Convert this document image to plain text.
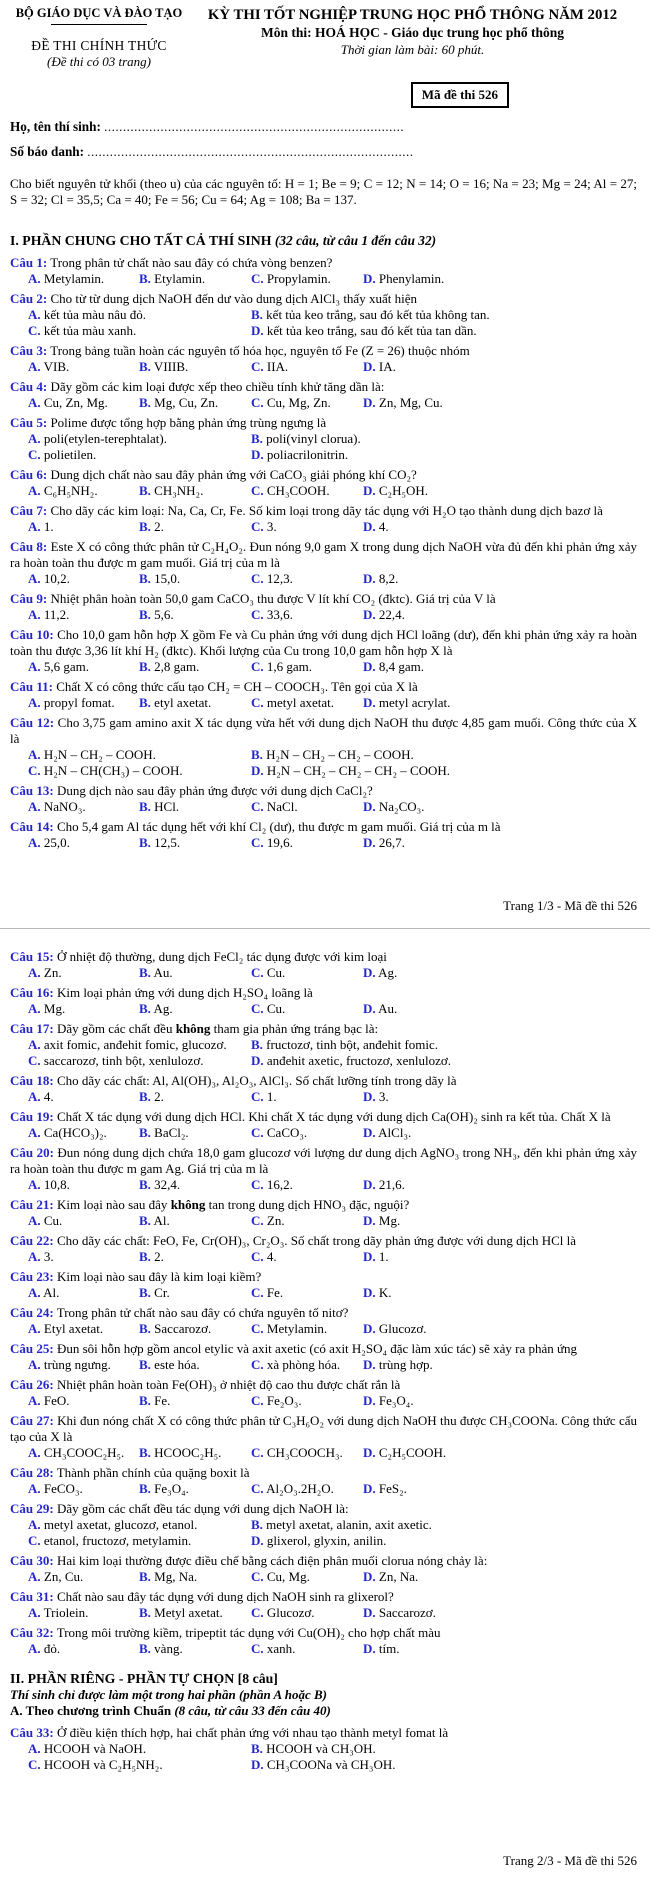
BỘ GIÁO DỤC VÀ ĐÀO TẠO
ĐỀ THI CHÍNH THỨC
(Đề thi có 03 trang)
KỲ THI TỐT NGHIỆP TRUNG HỌC PHỔ THÔNG NĂM 2012
Môn thi: HOÁ HỌC - Giáo dục trung học phổ thông
Thời gian làm bài: 60 phút.
Mã đề thi 526
Họ, tên thí sinh: ................................................................................
Số báo danh: .......................................................................................

Cho biết nguyên tử khối (theo u) của các nguyên tố: H = 1; Be = 9; C = 12; N = 14; O = 16; Na = 23; Mg = 24; Al = 27; S = 32; Cl = 35,5; Ca = 40; Fe = 56; Cu = 64; Ag = 108; Ba = 137.

I. PHẦN CHUNG CHO TẤT CẢ THÍ SINH (32 câu, từ câu 1 đến câu 32)

Câu 1: Trong phân tử chất nào sau đây có chứa vòng benzen?

A. Metylamin.	B. Etylamin.	C. Propylamin.	D. Phenylamin.

Câu 2: Cho từ từ dung dịch NaOH đến dư vào dung dịch AlCl₃ thấy xuất hiện

A. kết tủa màu nâu đỏ.	B. kết tủa keo trắng, sau đó kết tủa không tan.
C. kết tủa màu xanh.	D. kết tủa keo trắng, sau đó kết tủa tan dần.

Câu 3: Trong bảng tuần hoàn các nguyên tố hóa học, nguyên tố Fe (Z = 26) thuộc nhóm

A. VIB.	B. VIIIB.	C. IIA.	D. IA.

Câu 4: Dãy gồm các kim loại được xếp theo chiều tính khử tăng dần là:

A. Cu, Zn, Mg.	B. Mg, Cu, Zn.	C. Cu, Mg, Zn.	D. Zn, Mg, Cu.

Câu 5: Polime được tổng hợp bằng phản ứng trùng ngưng là

A. poli(etylen-terephtalat).	B. poli(vinyl clorua).
C. polietilen.	D. poliacrilonitrin.

Câu 6: Dung dịch chất nào sau đây phản ứng với CaCO₃ giải phóng khí CO₂?

A. C₆H₅NH₂.	B. CH₃NH₂.	C. CH₃COOH.	D. C₂H₅OH.

Câu 7: Cho dãy các kim loại: Na, Ca, Cr, Fe. Số kim loại trong dãy tác dụng với H₂O tạo thành dung dịch bazơ là

A. 1.	B. 2.	C. 3.	D. 4.

Câu 8: Este X có công thức phân tử C₂H₄O₂. Đun nóng 9,0 gam X trong dung dịch NaOH vừa đủ đến khi phản ứng xảy ra hoàn toàn thu được m gam muối. Giá trị của m là

A. 10,2.	B. 15,0.	C. 12,3.	D. 8,2.

Câu 9: Nhiệt phân hoàn toàn 50,0 gam CaCO₃ thu được V lít khí CO₂ (đktc). Giá trị của V là

A. 11,2.	B. 5,6.	C. 33,6.	D. 22,4.

Câu 10: Cho 10,0 gam hỗn hợp X gồm Fe và Cu phản ứng với dung dịch HCl loãng (dư), đến khi phản ứng xảy ra hoàn toàn thu được 3,36 lít khí H₂ (đktc). Khối lượng của Cu trong 10,0 gam hỗn hợp X là

A. 5,6 gam.	B. 2,8 gam.	C. 1,6 gam.	D. 8,4 gam.

Câu 11: Chất X có công thức cấu tạo CH₂ = CH – COOCH₃. Tên gọi của X là

A. propyl fomat.	B. etyl axetat.	C. metyl axetat.	D. metyl acrylat.

Câu 12: Cho 3,75 gam amino axit X tác dụng vừa hết với dung dịch NaOH thu được 4,85 gam muối. Công thức của X là

A. H₂N – CH₂ – COOH.	B. H₂N – CH₂ – CH₂ – COOH.
C. H₂N – CH(CH₃) – COOH.	D. H₂N – CH₂ – CH₂ – CH₂ – COOH.

Câu 13: Dung dịch nào sau đây phản ứng được với dung dịch CaCl₂?

A. NaNO₃.	B. HCl.	C. NaCl.	D. Na₂CO₃.

Câu 14: Cho 5,4 gam Al tác dụng hết với khí Cl₂ (dư), thu được m gam muối. Giá trị của m là

A. 25,0.	B. 12,5.	C. 19,6.	D. 26,7.
Trang 1/3 - Mã đề thi 526

Câu 15: Ở nhiệt độ thường, dung dịch FeCl₂ tác dụng được với kim loại

A. Zn.	B. Au.	C. Cu.	D. Ag.

Câu 16: Kim loại phản ứng với dung dịch H₂SO₄ loãng là

A. Mg.	B. Ag.	C. Cu.	D. Au.

Câu 17: Dãy gồm các chất đều không tham gia phản ứng tráng bạc là:

A. axit fomic, anđehit fomic, glucozơ.	B. fructozơ, tinh bột, anđehit fomic.
C. saccarozơ, tinh bột, xenlulozơ.	D. anđehit axetic, fructozơ, xenlulozơ.

Câu 18: Cho dãy các chất: Al, Al(OH)₃, Al₂O₃, AlCl₃. Số chất lưỡng tính trong dãy là

A. 4.	B. 2.	C. 1.	D. 3.

Câu 19: Chất X tác dụng với dung dịch HCl. Khi chất X tác dụng với dung dịch Ca(OH)₂ sinh ra kết tủa. Chất X là

A. Ca(HCO₃)₂.	B. BaCl₂.	C. CaCO₃.	D. AlCl₃.

Câu 20: Đun nóng dung dịch chứa 18,0 gam glucozơ với lượng dư dung dịch AgNO₃ trong NH₃, đến khi phản ứng xảy ra hoàn toàn thu được m gam Ag. Giá trị của m là

A. 10,8.	B. 32,4.	C. 16,2.	D. 21,6.

Câu 21: Kim loại nào sau đây không tan trong dung dịch HNO₃ đặc, nguội?

A. Cu.	B. Al.	C. Zn.	D. Mg.

Câu 22: Cho dãy các chất: FeO, Fe, Cr(OH)₃, Cr₂O₃. Số chất trong dãy phản ứng được với dung dịch HCl là

A. 3.	B. 2.	C. 4.	D. 1.

Câu 23: Kim loại nào sau đây là kim loại kiềm?

A. Al.	B. Cr.	C. Fe.	D. K.

Câu 24: Trong phân tử chất nào sau đây có chứa nguyên tố nitơ?

A. Etyl axetat.	B. Saccarozơ.	C. Metylamin.	D. Glucozơ.

Câu 25: Đun sôi hỗn hợp gồm ancol etylic và axit axetic (có axit H₂SO₄ đặc làm xúc tác) sẽ xảy ra phản ứng

A. trùng ngưng.	B. este hóa.	C. xà phòng hóa.	D. trùng hợp.

Câu 26: Nhiệt phân hoàn toàn Fe(OH)₃ ở nhiệt độ cao thu được chất rắn là

A. FeO.	B. Fe.	C. Fe₂O₃.	D. Fe₃O₄.

Câu 27: Khi đun nóng chất X có công thức phân tử C₃H₆O₂ với dung dịch NaOH thu được CH₃COONa. Công thức cấu tạo của X là

A. CH₃COOC₂H₅.	B. HCOOC₂H₅.	C. CH₃COOCH₃.	D. C₂H₅COOH.

Câu 28: Thành phần chính của quặng boxit là

A. FeCO₃.	B. Fe₃O₄.	C. Al₂O₃.2H₂O.	D. FeS₂.

Câu 29: Dãy gồm các chất đều tác dụng với dung dịch NaOH là:

A. metyl axetat, glucozơ, etanol.	B. metyl axetat, alanin, axit axetic.
C. etanol, fructozơ, metylamin.	D. glixerol, glyxin, anilin.

Câu 30: Hai kim loại thường được điều chế bằng cách điện phân muối clorua nóng chảy là:

A. Zn, Cu.	B. Mg, Na.	C. Cu, Mg.	D. Zn, Na.

Câu 31: Chất nào sau đây tác dụng với dung dịch NaOH sinh ra glixerol?

A. Triolein.	B. Metyl axetat.	C. Glucozơ.	D. Saccarozơ.

Câu 32: Trong môi trường kiềm, tripeptit tác dụng với Cu(OH)₂ cho hợp chất màu

A. đỏ.	B. vàng.	C. xanh.	D. tím.
II. PHẦN RIÊNG - PHẦN TỰ CHỌN [8 câu]
Thí sinh chỉ được làm một trong hai phần (phần A hoặc B)
A. Theo chương trình Chuẩn (8 câu, từ câu 33 đến câu 40)

Câu 33: Ở điều kiện thích hợp, hai chất phản ứng với nhau tạo thành metyl fomat là

A. HCOOH và NaOH.	B. HCOOH và CH₃OH.
C. HCOOH và C₂H₅NH₂.	D. CH₃COONa và CH₃OH.
Trang 2/3 - Mã đề thi 526
